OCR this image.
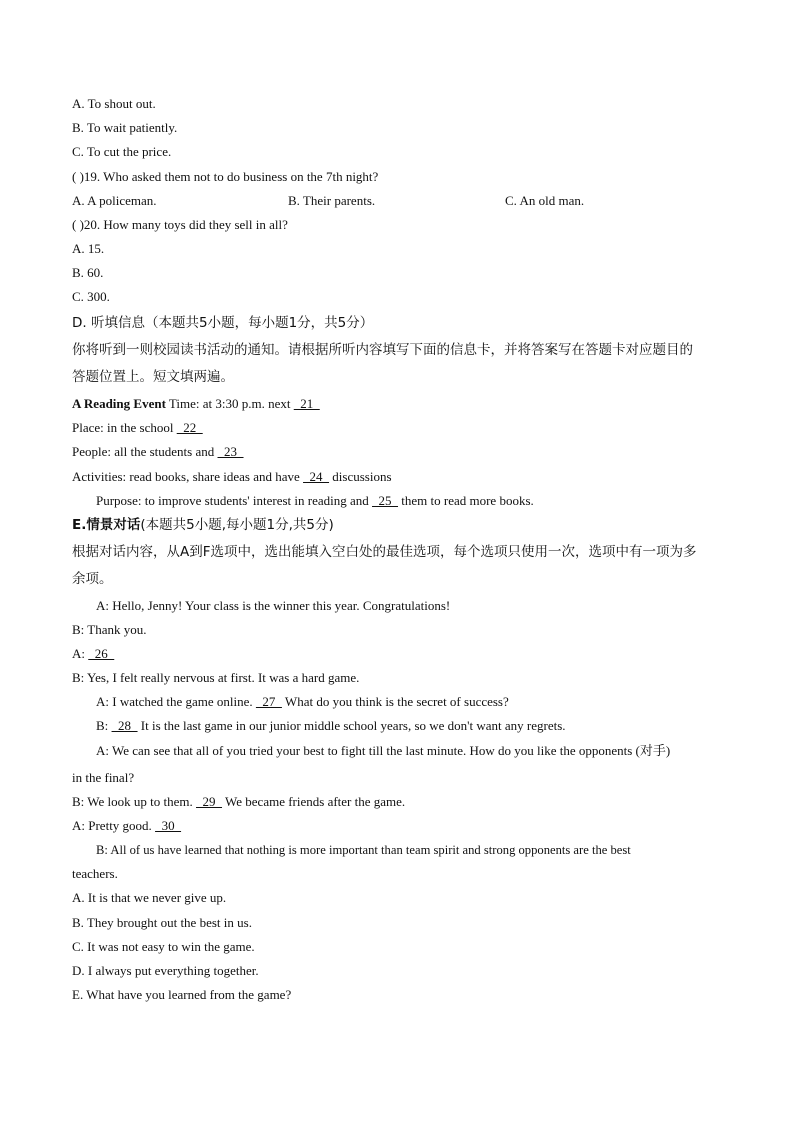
A. To shout out.
B. To wait patiently.
C. To cut the price.
( )19. Who asked them not to do business on the 7th night?
A. A policeman.	B. Their parents.	C. An old man.
( )20. How many toys did they sell in all?
A. 15.
B. 60.
C. 300.
D. 听填信息（本题共5小题，每小题1分，共5分）
你将听到一则校园读书活动的通知。请根据所听内容填写下面的信息卡，并将答案写在答题卡对应题目的
答题位置上。短文填两遍。
A Reading Event Time: at 3:30 p.m. next   21
Place: in the school   22
People: all the students and   23
Activities: read books, share ideas and have   24   discussions
Purpose: to improve students' interest in reading and   25   them to read more books.
E.情景对话(本题共5小题,每小题1分,共5分)
根据对话内容，从A到F选项中，选出能填入空白处的最佳选项，每个选项只使用一次，选项中有一项为多
余项。
A: Hello, Jenny! Your class is the winner this year. Congratulations!
B: Thank you.
A:   26
B: Yes, I felt really nervous at first. It was a hard game.
A: I watched the game online.   27   What do you think is the secret of success?
B:   28   It is the last game in our junior middle school years, so we don't want any regrets.
A: We can see that all of you tried your best to fight till the last minute. How do you like the opponents (对手)
in the final?
B: We look up to them.   29   We became friends after the game.
A: Pretty good.   30
B: All of us have learned that nothing is more important than team spirit and strong opponents are the best
teachers.
A. It is that we never give up.
B. They brought out the best in us.
C. It was not easy to win the game.
D. I always put everything together.
E. What have you learned from the game?
